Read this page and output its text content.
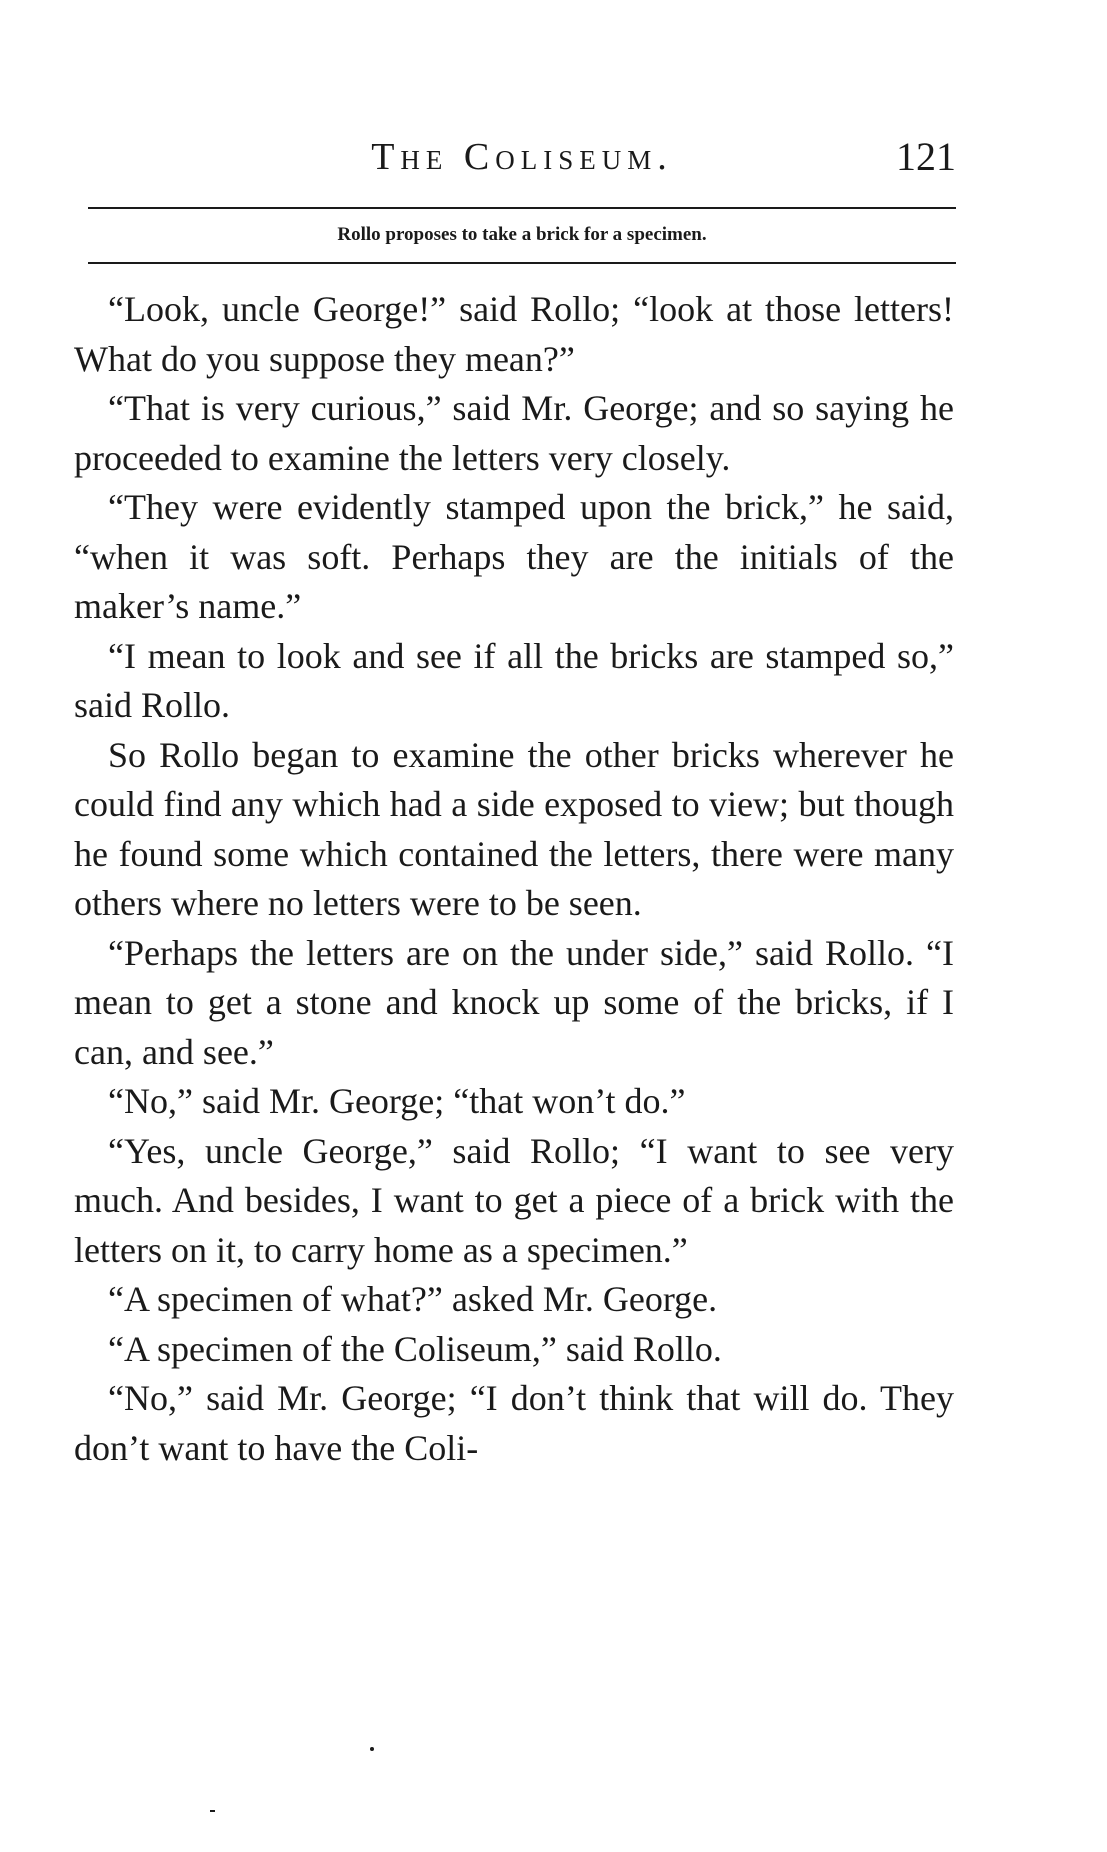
The Coliseum.	121
Rollo proposes to take a brick for a specimen.

“Look, uncle George!” said Rollo; “look at those letters! What do you suppose they mean?”

“That is very curious,” said Mr. George; and so saying he proceeded to examine the letters very closely.

“They were evidently stamped upon the brick,” he said, “when it was soft. Perhaps they are the initials of the maker’s name.”

“I mean to look and see if all the bricks are stamped so,” said Rollo.

So Rollo began to examine the other bricks wherever he could find any which had a side exposed to view; but though he found some which contained the letters, there were many others where no letters were to be seen.

“Perhaps the letters are on the under side,” said Rollo. “I mean to get a stone and knock up some of the bricks, if I can, and see.”

“No,” said Mr. George; “that won’t do.”

“Yes, uncle George,” said Rollo; “I want to see very much. And besides, I want to get a piece of a brick with the letters on it, to carry home as a specimen.”

“A specimen of what?” asked Mr. George.

“A specimen of the Coliseum,” said Rollo.

“No,” said Mr. George; “I don’t think that will do. They don’t want to have the Coli-
